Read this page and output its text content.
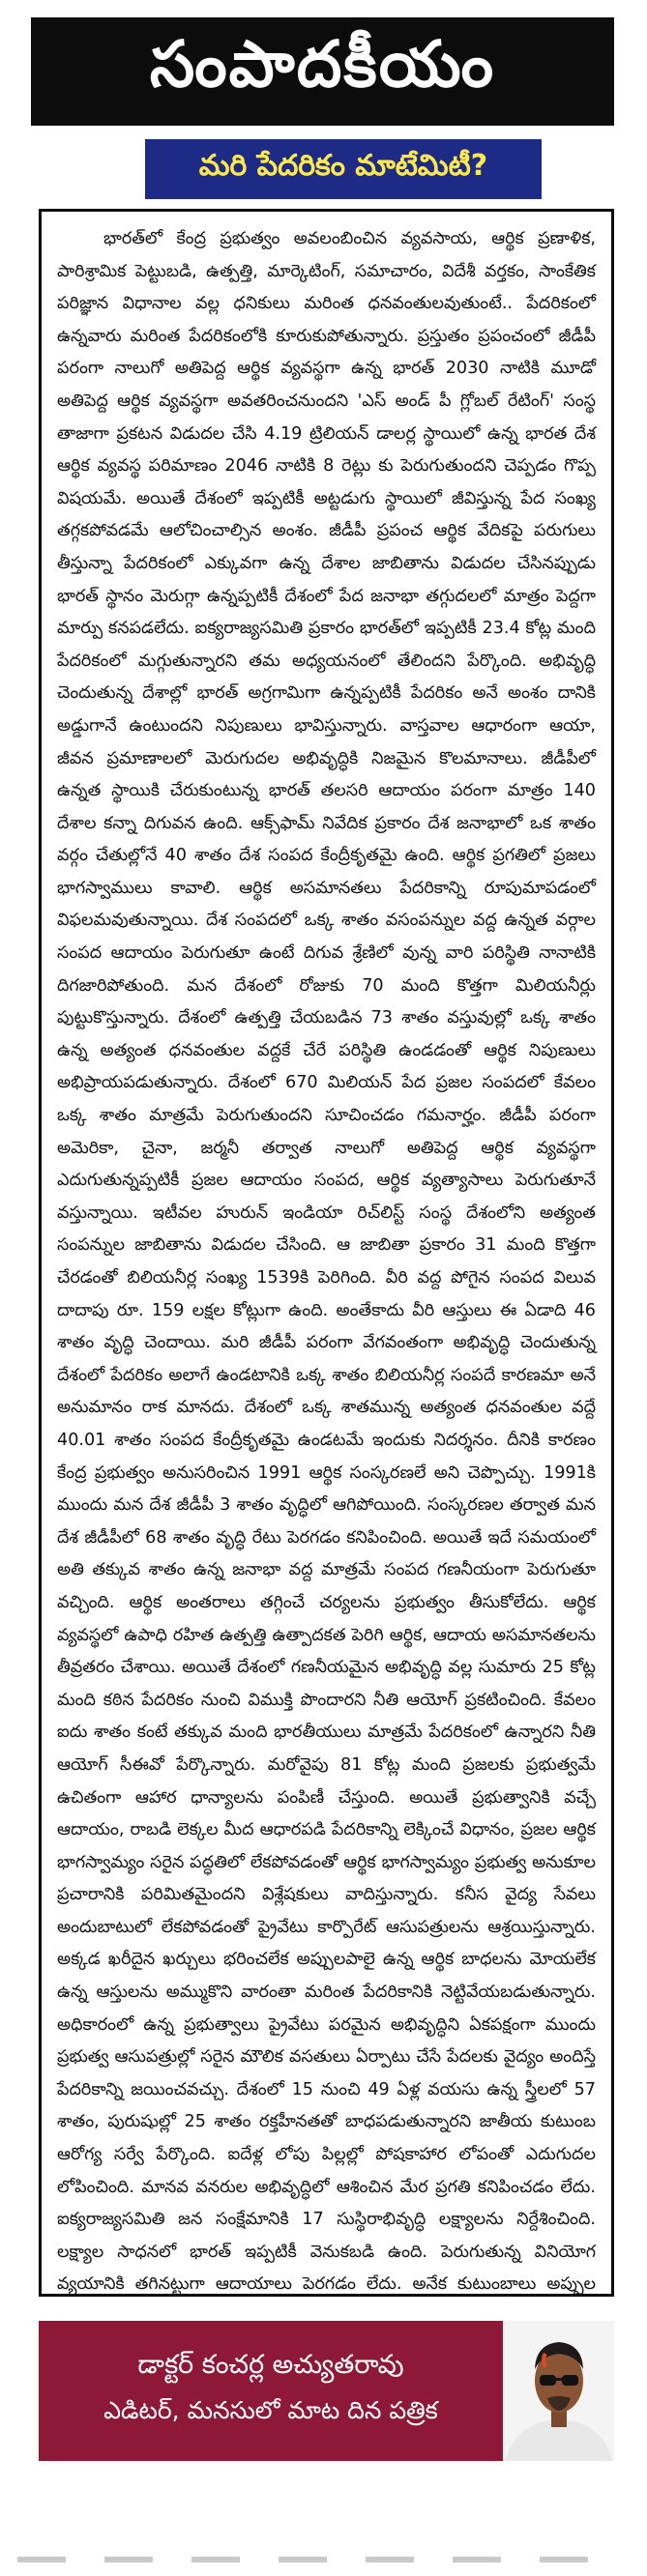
సంపాదకీయం
మరి పేదరికం మాటేమిటీ?

భారత్‌లో కేంద్ర ప్రభుత్వం అవలంబించిన వ్యవసాయ, ఆర్థిక ప్రణాళిక, పారిశ్రామిక పెట్టుబడి, ఉత్పత్తి, మార్కెటింగ్, సమాచారం, విదేశీ వర్తకం, సాంకేతిక పరిజ్ఞాన విధానాల వల్ల ధనికులు మరింత ధనవంతులవుతుంటే.. పేదరికంలో ఉన్నవారు మరింత పేదరికంలోకి కూరుకుపోతున్నారు. ప్రస్తుతం ప్రపంచంలో జీడీపీ పరంగా నాలుగో అతిపెద్ద ఆర్థిక వ్యవస్థగా ఉన్న భారత్ 2030 నాటికి మూడో అతిపెద్ద ఆర్థిక వ్యవస్థగా అవతరించనుందని 'ఎస్ అండ్ పీ గ్లోబల్ రేటింగ్' సంస్థ తాజాగా ప్రకటన విడుదల చేసి 4.19 ట్రిలియన్ డాలర్ల స్థాయిలో ఉన్న భారత దేశ ఆర్థిక వ్యవస్థ పరిమాణం 2046 నాటికి 8 రెట్లు కు పెరుగుతుందని చెప్పడం గొప్ప విషయమే. అయితే దేశంలో ఇప్పటికీ అట్టడుగు స్థాయిలో జీవిస్తున్న పేద సంఖ్య తగ్గకపోవడమే ఆలోచించాల్సిన అంశం. జీడీపీ ప్రపంచ ఆర్థిక వేదికపై పరుగులు తీస్తున్నా పేదరికంలో ఎక్కువగా ఉన్న దేశాల జాబితాను విడుదల చేసినప్పుడు భారత్ స్థానం మెరుగ్గా ఉన్నప్పటికీ దేశంలో పేద జనాభా తగ్గుదలలో మాత్రం పెద్దగా మార్పు కనపడలేదు. ఐక్యరాజ్యసమితి ప్రకారం భారత్‌లో ఇప్పటికీ 23.4 కోట్ల మంది పేదరికంలో మగ్గుతున్నారని తమ అధ్యయనంలో తేలిందని పేర్కొంది. అభివృద్ధి చెందుతున్న దేశాల్లో భారత్ అగ్రగామిగా ఉన్నప్పటికీ పేదరికం అనే అంశం దానికి అడ్డుగానే ఉంటుందని నిపుణులు భావిస్తున్నారు. వాస్తవాల ఆధారంగా ఆయా, జీవన ప్రమాణాలలో మెరుగుదల అభివృద్ధికి నిజమైన కొలమానాలు. జీడీపీలో ఉన్నత స్థాయికి చేరుకుంటున్న భారత్ తలసరి ఆదాయం పరంగా మాత్రం 140 దేశాల కన్నా దిగువన ఉంది. ఆక్స్‌ఫామ్ నివేదిక ప్రకారం దేశ జనాభాలో ఒక శాతం వర్గం చేతుల్లోనే 40 శాతం దేశ సంపద కేంద్రీకృతమై ఉంది. ఆర్థిక ప్రగతిలో ప్రజలు భాగస్వాములు కావాలి. ఆర్థిక అసమానతలు పేదరికాన్ని రూపుమాపడంలో విఫలమవుతున్నాయి. దేశ సంపదలో ఒక్క శాతం వసంపన్నుల వద్ద ఉన్నత వర్గాల సంపద ఆదాయం పెరుగుతూ ఉంటే దిగువ శ్రేణిలో వున్న వారి పరిస్థితి నానాటికి దిగజారిపోతుంది. మన దేశంలో రోజుకు 70 మంది కొత్తగా మిలియనీర్లు పుట్టుకొస్తున్నారు. దేశంలో ఉత్పత్తి చేయబడిన 73 శాతం వస్తువుల్లో ఒక్క శాతం ఉన్న అత్యంత ధనవంతుల వద్దకే చేరే పరిస్థితి ఉండడంతో ఆర్థిక నిపుణులు అభిప్రాయపడుతున్నారు. దేశంలో 670 మిలియన్ పేద ప్రజల సంపదలో కేవలం ఒక్క శాతం మాత్రమే పెరుగుతుందని సూచించడం గమనార్హం. జీడీపీ పరంగా అమెరికా, చైనా, జర్మనీ తర్వాత నాలుగో అతిపెద్ద ఆర్థిక వ్యవస్థగా ఎదుగుతున్నప్పటికీ ప్రజల ఆదాయం సంపద, ఆర్థిక వ్యత్యాసాలు పెరుగుతూనే వస్తున్నాయి. ఇటీవల హురున్ ఇండియా రిచ్‌లిస్ట్ సంస్థ దేశంలోని అత్యంత సంపన్నుల జాబితాను విడుదల చేసింది. ఆ జాబితా ప్రకారం 31 మంది కొత్తగా చేరడంతో బిలియనీర్ల సంఖ్య 1539కి పెరిగింది. వీరి వద్ద పోగైన సంపద విలువ దాదాపు రూ. 159 లక్షల కోట్లుగా ఉంది. అంతేకాదు వీరి ఆస్తులు ఈ ఏడాది 46 శాతం వృద్ధి చెందాయి. మరి జీడీపీ పరంగా వేగవంతంగా అభివృద్ధి చెందుతున్న దేశంలో పేదరికం అలాగే ఉండటానికి ఒక్క శాతం బిలియనీర్ల సంపదే కారణమా అనే అనుమానం రాక మానదు. దేశంలో ఒక్క శాతమున్న అత్యంత ధనవంతుల వద్దే 40.01 శాతం సంపద కేంద్రీకృతమై ఉండటమే ఇందుకు నిదర్శనం. దీనికి కారణం కేంద్ర ప్రభుత్వం అనుసరించిన 1991 ఆర్థిక సంస్కరణలే అని చెప్పొచ్చు. 1991కి ముందు మన దేశ జీడీపీ 3 శాతం వృద్ధిలో ఆగిపోయింది. సంస్కరణల తర్వాత మన దేశ జీడీపీలో 68 శాతం వృద్ధి రేటు పెరగడం కనిపించింది. అయితే ఇదే సమయంలో అతి తక్కువ శాతం ఉన్న జనాభా వద్ద మాత్రమే సంపద గణనీయంగా పెరుగుతూ వచ్చింది. ఆర్థిక అంతరాలు తగ్గించే చర్యలను ప్రభుత్వం తీసుకోలేదు. ఆర్థిక వ్యవస్థలో ఉపాధి రహిత ఉత్పత్తి ఉత్పాదకత పెరిగి ఆర్థిక, ఆదాయ అసమానతలను తీవ్రతరం చేశాయి. అయితే దేశంలో గణనీయమైన అభివృద్ధి వల్ల సుమారు 25 కోట్ల మంది కఠిన పేదరికం నుంచి విముక్తి పొందారని నీతి ఆయోగ్ ప్రకటించింది. కేవలం ఐదు శాతం కంటే తక్కువ మంది భారతీయులు మాత్రమే పేదరికంలో ఉన్నారని నీతి ఆయోగ్ సీఈవో పేర్కొన్నారు. మరోవైపు 81 కోట్ల మంది ప్రజలకు ప్రభుత్వమే ఉచితంగా ఆహార ధాన్యాలను పంపిణీ చేస్తుంది. అయితే ప్రభుత్వానికి వచ్చే ఆదాయం, రాబడి లెక్కల మీద ఆధారపడి పేదరికాన్ని లెక్కించే విధానం, ప్రజల ఆర్థిక భాగస్వామ్యం సరైన పద్ధతిలో లేకపోవడంతో ఆర్థిక భాగస్వామ్యం ప్రభుత్వ అనుకూల ప్రచారానికి పరిమితమైందని విశ్లేషకులు వాదిస్తున్నారు. కనీస వైద్య సేవలు అందుబాటులో లేకపోవడంతో ప్రైవేటు కార్పొరేట్ ఆసుపత్రులను ఆశ్రయిస్తున్నారు. అక్కడ ఖరీదైన ఖర్చులు భరించలేక అప్పులపాలై ఉన్న ఆర్థిక బాధలను మోయలేక ఉన్న ఆస్తులను అమ్ముకొని వారంతా మరింత పేదరికానికి నెట్టివేయబడుతున్నారు. అధికారంలో ఉన్న ప్రభుత్వాలు ప్రైవేటు పరమైన అభివృద్ధిని ఏకపక్షంగా ముందు ప్రభుత్వ ఆసుపత్రుల్లో సరైన మౌలిక వసతులు ఏర్పాటు చేసే పేదలకు వైద్యం అందిస్తే పేదరికాన్ని జయించవచ్చు. దేశంలో 15 నుంచి 49 ఏళ్ల వయసు ఉన్న స్త్రీలలో 57 శాతం, పురుషుల్లో 25 శాతం రక్తహీనతతో బాధపడుతున్నారని జాతీయ కుటుంబ ఆరోగ్య సర్వే పేర్కొంది. ఐదేళ్ల లోపు పిల్లల్లో పోషకాహార లోపంతో ఎదుగుదల లోపించింది. మానవ వనరుల అభివృద్ధిలో ఆశించిన మేర ప్రగతి కనిపించడం లేదు. ఐక్యరాజ్యసమితి జన సంక్షేమానికి 17 సుస్థిరాభివృద్ధి లక్ష్యాలను నిర్దేశించింది. లక్ష్యాల సాధనలో భారత్ ఇప్పటికీ వెనుకబడి ఉంది. పెరుగుతున్న వినియోగ వ్యయానికి తగినట్టుగా ఆదాయాలు పెరగడం లేదు. అనేక కుటుంబాలు అప్పుల

డాక్టర్ కంచర్ల అచ్యుతరావు
ఎడిటర్, మనసులో మాట దిన పత్రిక
